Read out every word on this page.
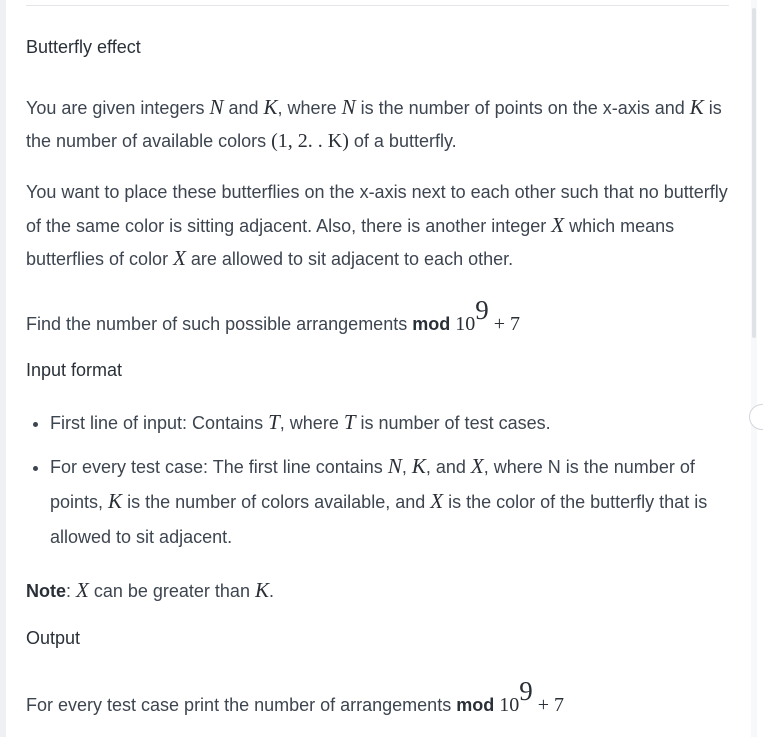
Butterfly effect

You are given integers N and K, where N is the number of points on the x-axis and K is the number of available colors (1, 2. . K) of a butterfly.

You want to place these butterflies on the x-axis next to each other such that no butterfly of the same color is sitting adjacent. Also, there is another integer X which means butterflies of color X are allowed to sit adjacent to each other.

Find the number of such possible arrangements mod 109 + 7

Input format
Output

Note: X can be greater than K.

For every test case print the number of arrangements mod 109 + 7

• First line of input: Contains T, where T is number of test cases.
• For every test case: The first line contains N, K, and X, where N is the number of points, K is the number of colors available, and X is the color of the butterfly that is allowed to sit adjacent.
